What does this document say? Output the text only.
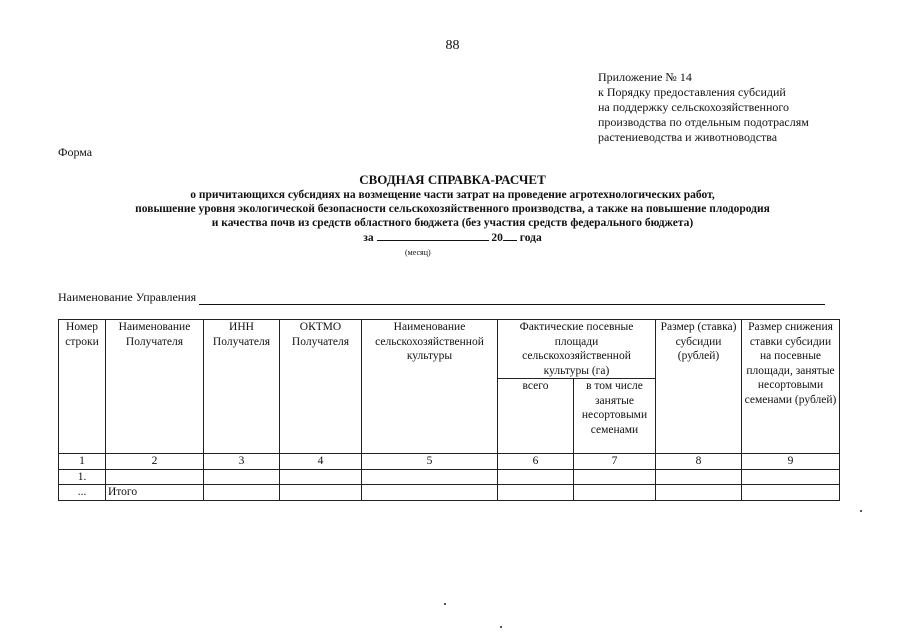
88
Приложение № 14
к Порядку предоставления субсидий
на поддержку сельскохозяйственного
производства по отдельным подотраслям
растениеводства и животноводства
Форма
СВОДНАЯ СПРАВКА-РАСЧЕТ
о причитающихся субсидиях на возмещение части затрат на проведение агротехнологических работ,
повышение уровня экологической безопасности сельскохозяйственного производства, а также на повышение плодородия
и качества почв из средств областного бюджета (без участия средств федерального бюджета)
за	20 года
(месяц)
Наименование Управления
Номер строки	Наименование Получателя	ИНН Получателя	ОКТМО Получателя	Наименование сельскохозяйственной культуры	Фактические посевные площади сельскохозяйственной культуры (га)		Размер (ставка) субсидии (рублей)	Размер снижения ставки субсидии на посевные площади, занятые несортовыми семенами (рублей)
					всего	в том числе занятые несортовыми семенами		
1	2	3	4	5	6	7	8	9
1.								
...	Итого							
